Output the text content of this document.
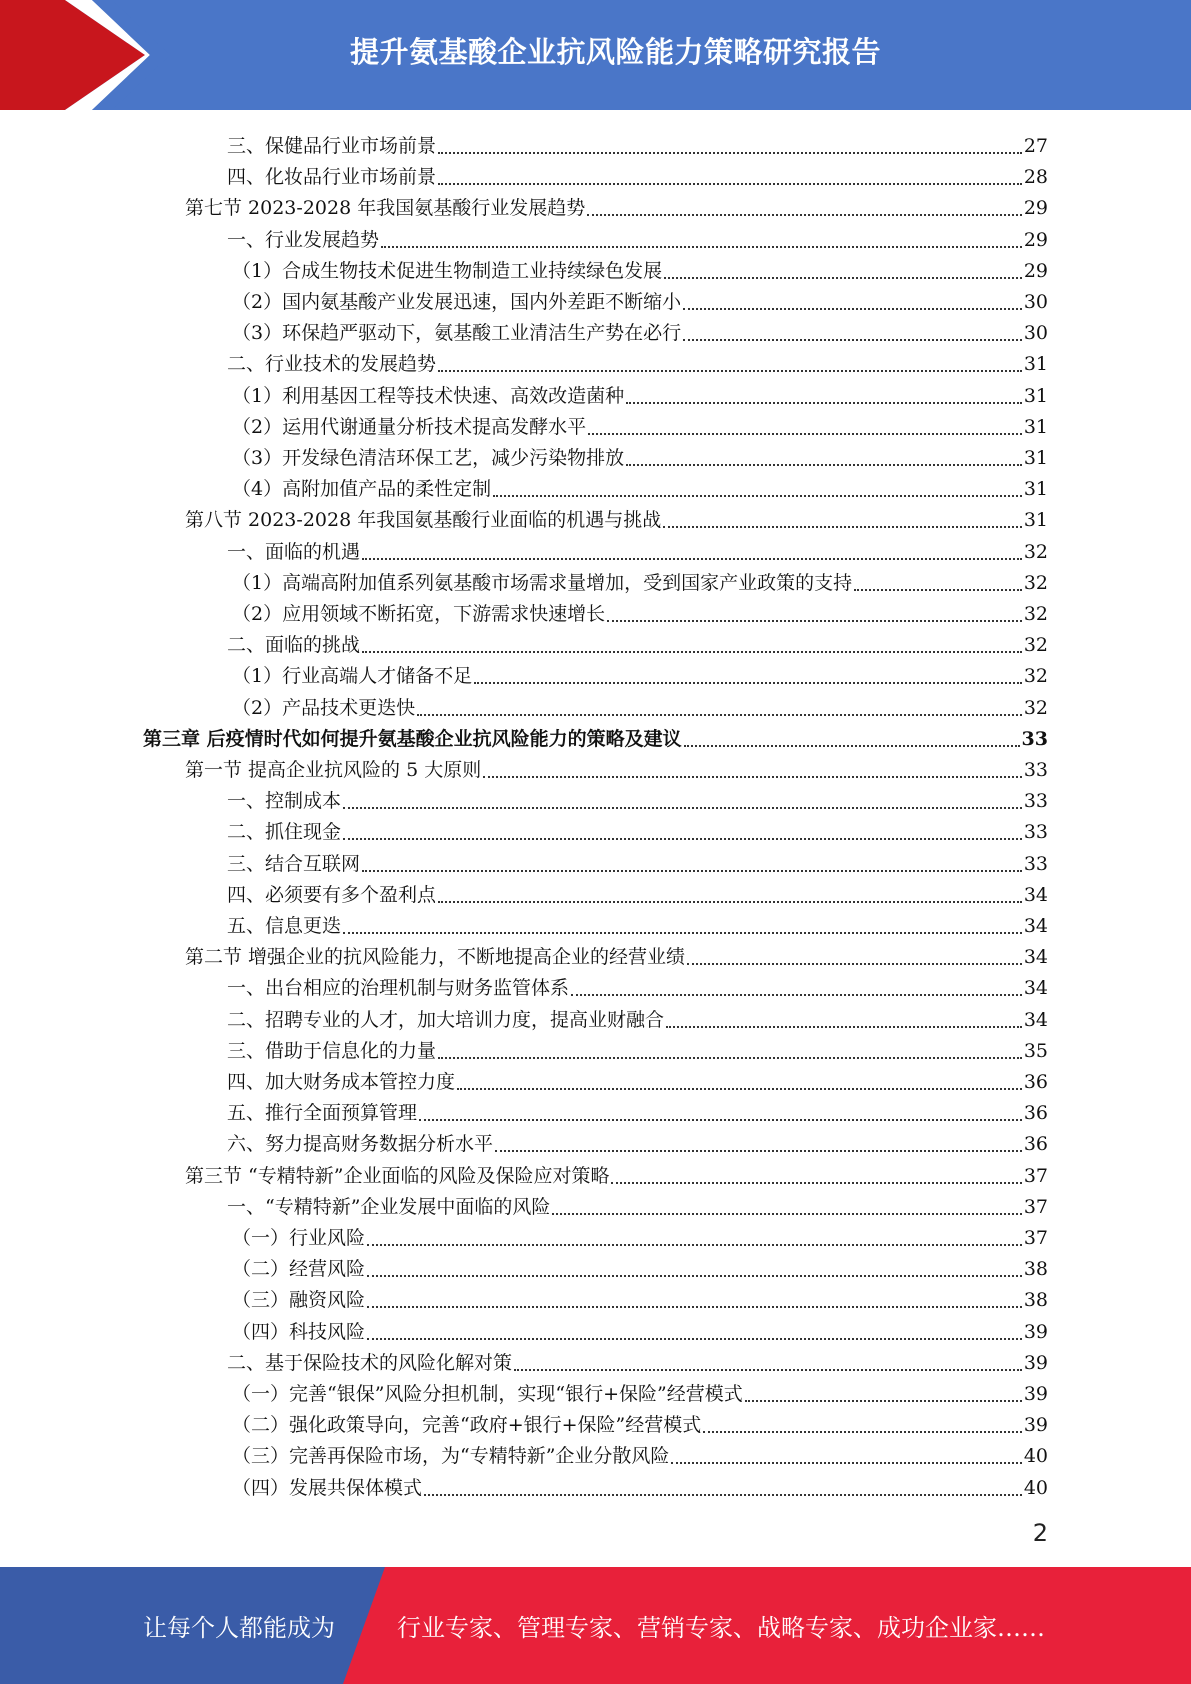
提升氨基酸企业抗风险能力策略研究报告
三、保健品行业市场前景	27
四、化妆品行业市场前景	28
第七节 2023-2028 年我国氨基酸行业发展趋势	29
一、行业发展趋势	29
（1）合成生物技术促进生物制造工业持续绿色发展	29
（2）国内氨基酸产业发展迅速，国内外差距不断缩小	30
（3）环保趋严驱动下，氨基酸工业清洁生产势在必行	30
二、行业技术的发展趋势	31
（1）利用基因工程等技术快速、高效改造菌种	31
（2）运用代谢通量分析技术提高发酵水平	31
（3）开发绿色清洁环保工艺，减少污染物排放	31
（4）高附加值产品的柔性定制	31
第八节 2023-2028 年我国氨基酸行业面临的机遇与挑战	31
一、面临的机遇	32
（1）高端高附加值系列氨基酸市场需求量增加，受到国家产业政策的支持	32
（2）应用领域不断拓宽，下游需求快速增长	32
二、面临的挑战	32
（1）行业高端人才储备不足	32
（2）产品技术更迭快	32
第三章 后疫情时代如何提升氨基酸企业抗风险能力的策略及建议	33
第一节 提高企业抗风险的 5 大原则	33
一、控制成本	33
二、抓住现金	33
三、结合互联网	33
四、必须要有多个盈利点	34
五、信息更迭	34
第二节 增强企业的抗风险能力，不断地提高企业的经营业绩	34
一、出台相应的治理机制与财务监管体系	34
二、招聘专业的人才，加大培训力度，提高业财融合	34
三、借助于信息化的力量	35
四、加大财务成本管控力度	36
五、推行全面预算管理	36
六、努力提高财务数据分析水平	36
第三节 “专精特新”企业面临的风险及保险应对策略	37
一、“专精特新”企业发展中面临的风险	37
（一）行业风险	37
（二）经营风险	38
（三）融资风险	38
（四）科技风险	39
二、基于保险技术的风险化解对策	39
（一）完善“银保”风险分担机制，实现“银行+保险”经营模式	39
（二）强化政策导向，完善“政府+银行+保险”经营模式	39
（三）完善再保险市场，为“专精特新”企业分散风险	40
（四）发展共保体模式	40
2
让每个人都能成为	行业专家、管理专家、营销专家、战略专家、成功企业家……
